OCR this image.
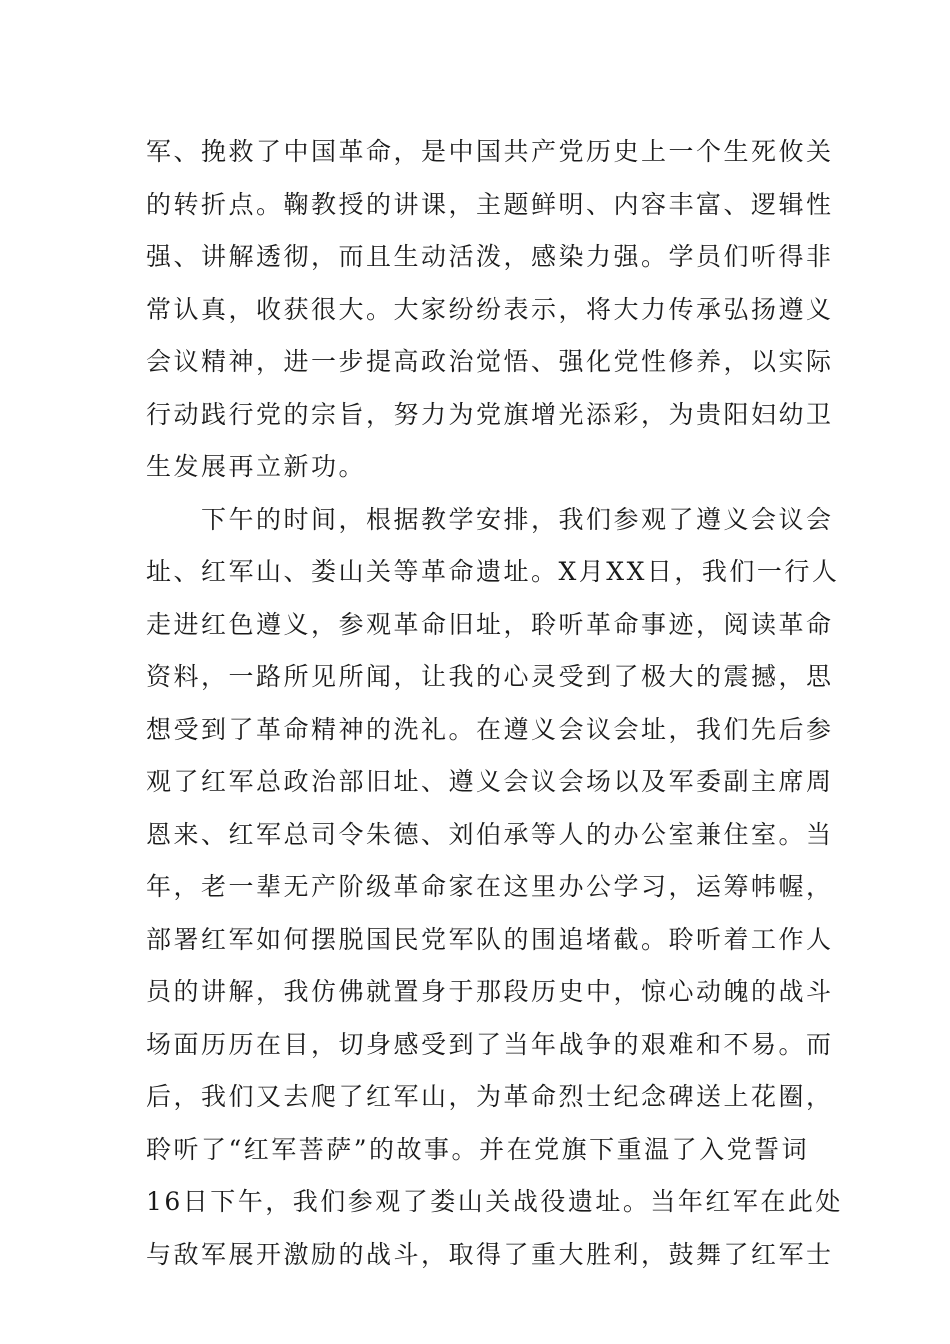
军、挽救了中国革命，是中国共产党历史上一个生死攸关
的转折点。鞠教授的讲课，主题鲜明、内容丰富、逻辑性
强、讲解透彻，而且生动活泼，感染力强。学员们听得非
常认真，收获很大。大家纷纷表示，将大力传承弘扬遵义
会议精神，进一步提高政治觉悟、强化党性修养，以实际
行动践行党的宗旨，努力为党旗增光添彩，为贵阳妇幼卫
生发展再立新功。
下午的时间，根据教学安排，我们参观了遵义会议会
址、红军山、娄山关等革命遗址。X月XX日，我们一行人
走进红色遵义，参观革命旧址，聆听革命事迹，阅读革命
资料，一路所见所闻，让我的心灵受到了极大的震撼，思
想受到了革命精神的洗礼。在遵义会议会址，我们先后参
观了红军总政治部旧址、遵义会议会场以及军委副主席周
恩来、红军总司令朱德、刘伯承等人的办公室兼住室。当
年，老一辈无产阶级革命家在这里办公学习，运筹帏幄，
部署红军如何摆脱国民党军队的围追堵截。聆听着工作人
员的讲解，我仿佛就置身于那段历史中，惊心动魄的战斗
场面历历在目，切身感受到了当年战争的艰难和不易。而
后，我们又去爬了红军山，为革命烈士纪念碑送上花圈，
聆听了“红军菩萨”的故事。并在党旗下重温了入党誓词
16日下午，我们参观了娄山关战役遗址。当年红军在此处
与敌军展开激励的战斗，取得了重大胜利，鼓舞了红军士
